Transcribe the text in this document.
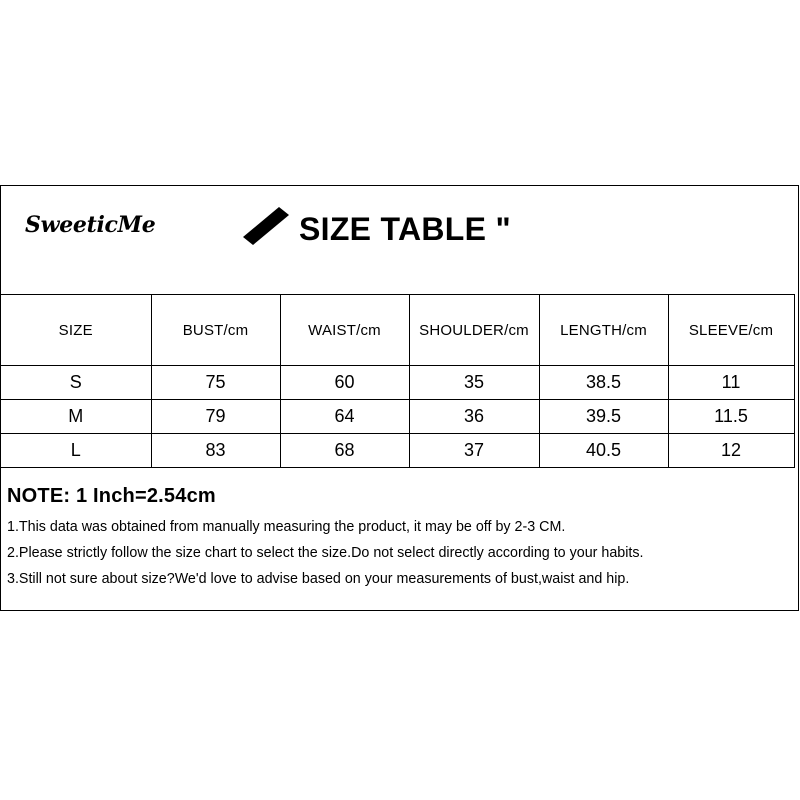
SweeticMe	SIZE TABLE "
SIZE	BUST/cm	WAIST/cm	SHOULDER/cm	LENGTH/cm	SLEEVE/cm
S	75	60	35	38.5	11
M	79	64	36	39.5	11.5
L	83	68	37	40.5	12

NOTE: 1 Inch=2.54cm

1.This data was obtained from manually measuring the product, it may be off by 2-3 CM.

2.Please strictly follow the size chart to select the size.Do not select directly according to your habits.

3.Still not sure about size?We'd love to advise based on your measurements of bust,waist and hip.
